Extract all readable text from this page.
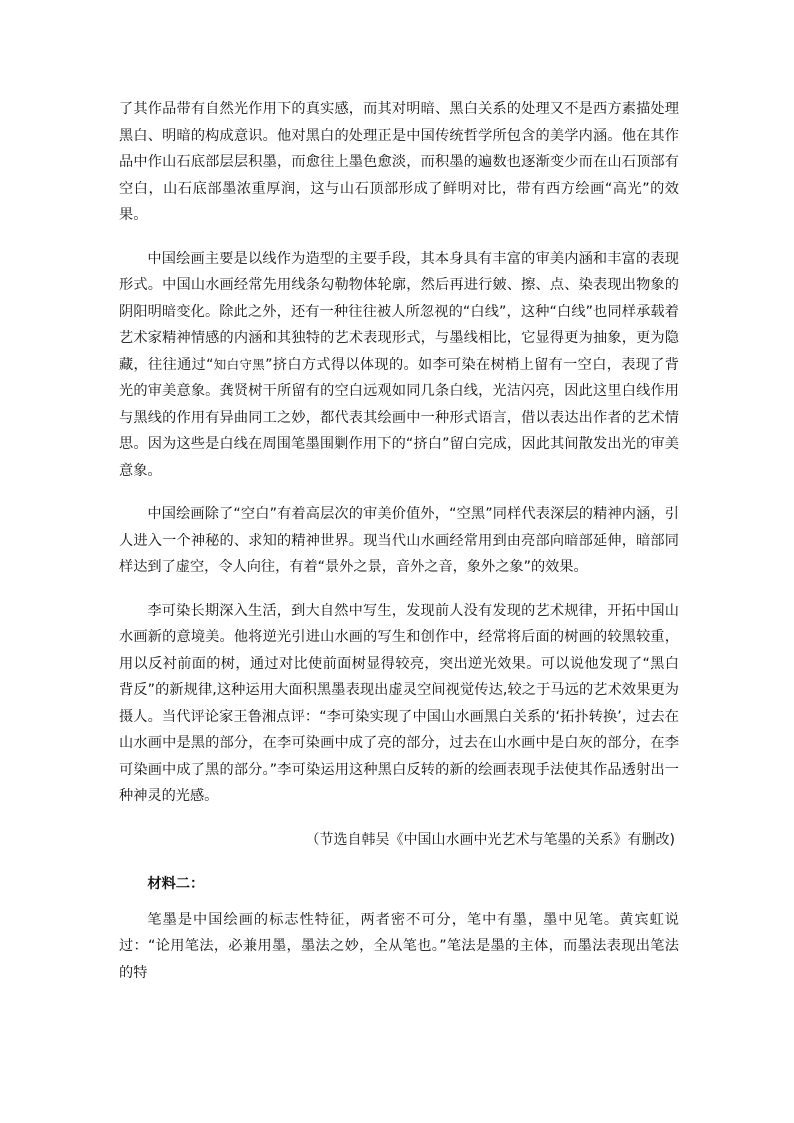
了其作品带有自然光作用下的真实感，而其对明暗、黑白关系的处理又不是西方素描处理黑白、明暗的构成意识。他对黑白的处理正是中国传统哲学所包含的美学内涵。他在其作品中作山石底部层层积墨，而愈往上墨色愈淡，而积墨的遍数也逐渐变少而在山石顶部有空白，山石底部墨浓重厚润，这与山石顶部形成了鲜明对比，带有西方绘画“高光”的效果。

中国绘画主要是以线作为造型的主要手段，其本身具有丰富的审美内涵和丰富的表现形式。中国山水画经常先用线条勾勒物体轮廓，然后再进行皴、擦、点、染表现出物象的阴阳明暗变化。除此之外，还有一种往往被人所忽视的“白线”，这种“白线”也同样承载着艺术家精神情感的内涵和其独特的艺术表现形式，与墨线相比，它显得更为抽象，更为隐藏，往往通过“知白守黑”挤白方式得以体现的。如李可染在树梢上留有一空白，表现了背光的审美意象。龚贤树干所留有的空白远观如同几条白线，光洁闪亮，因此这里白线作用与黑线的作用有异曲同工之妙，都代表其绘画中一种形式语言，借以表达出作者的艺术情思。因为这些是白线在周围笔墨围剿作用下的“挤白”留白完成，因此其间散发出光的审美意象。

中国绘画除了“空白”有着高层次的审美价值外，“空黑”同样代表深层的精神内涵，引人进入一个神秘的、求知的精神世界。现当代山水画经常用到由亮部向暗部延伸，暗部同样达到了虚空，令人向往，有着“景外之景，音外之音，象外之象”的效果。

李可染长期深入生活，到大自然中写生，发现前人没有发现的艺术规律，开拓中国山水画新的意境美。他将逆光引进山水画的写生和创作中，经常将后面的树画的较黑较重，用以反衬前面的树，通过对比使前面树显得较亮，突出逆光效果。可以说他发现了“黑白背反”的新规律,这种运用大面积黑墨表现出虚灵空间视觉传达,较之于马远的艺术效果更为摄人。当代评论家王鲁湘点评：“李可染实现了中国山水画黑白关系的‘拓扑转换’，过去在山水画中是黑的部分，在李可染画中成了亮的部分，过去在山水画中是白灰的部分，在李可染画中成了黑的部分。”李可染运用这种黑白反转的新的绘画表现手法使其作品透射出一种神灵的光感。

（节选自韩吴《中国山水画中光艺术与笔墨的关系》有删改)

材料二：

笔墨是中国绘画的标志性特征，两者密不可分，笔中有墨，墨中见笔。黄宾虹说过：“论用笔法，必兼用墨，墨法之妙，全从笔也。”笔法是墨的主体，而墨法表现出笔法的特
